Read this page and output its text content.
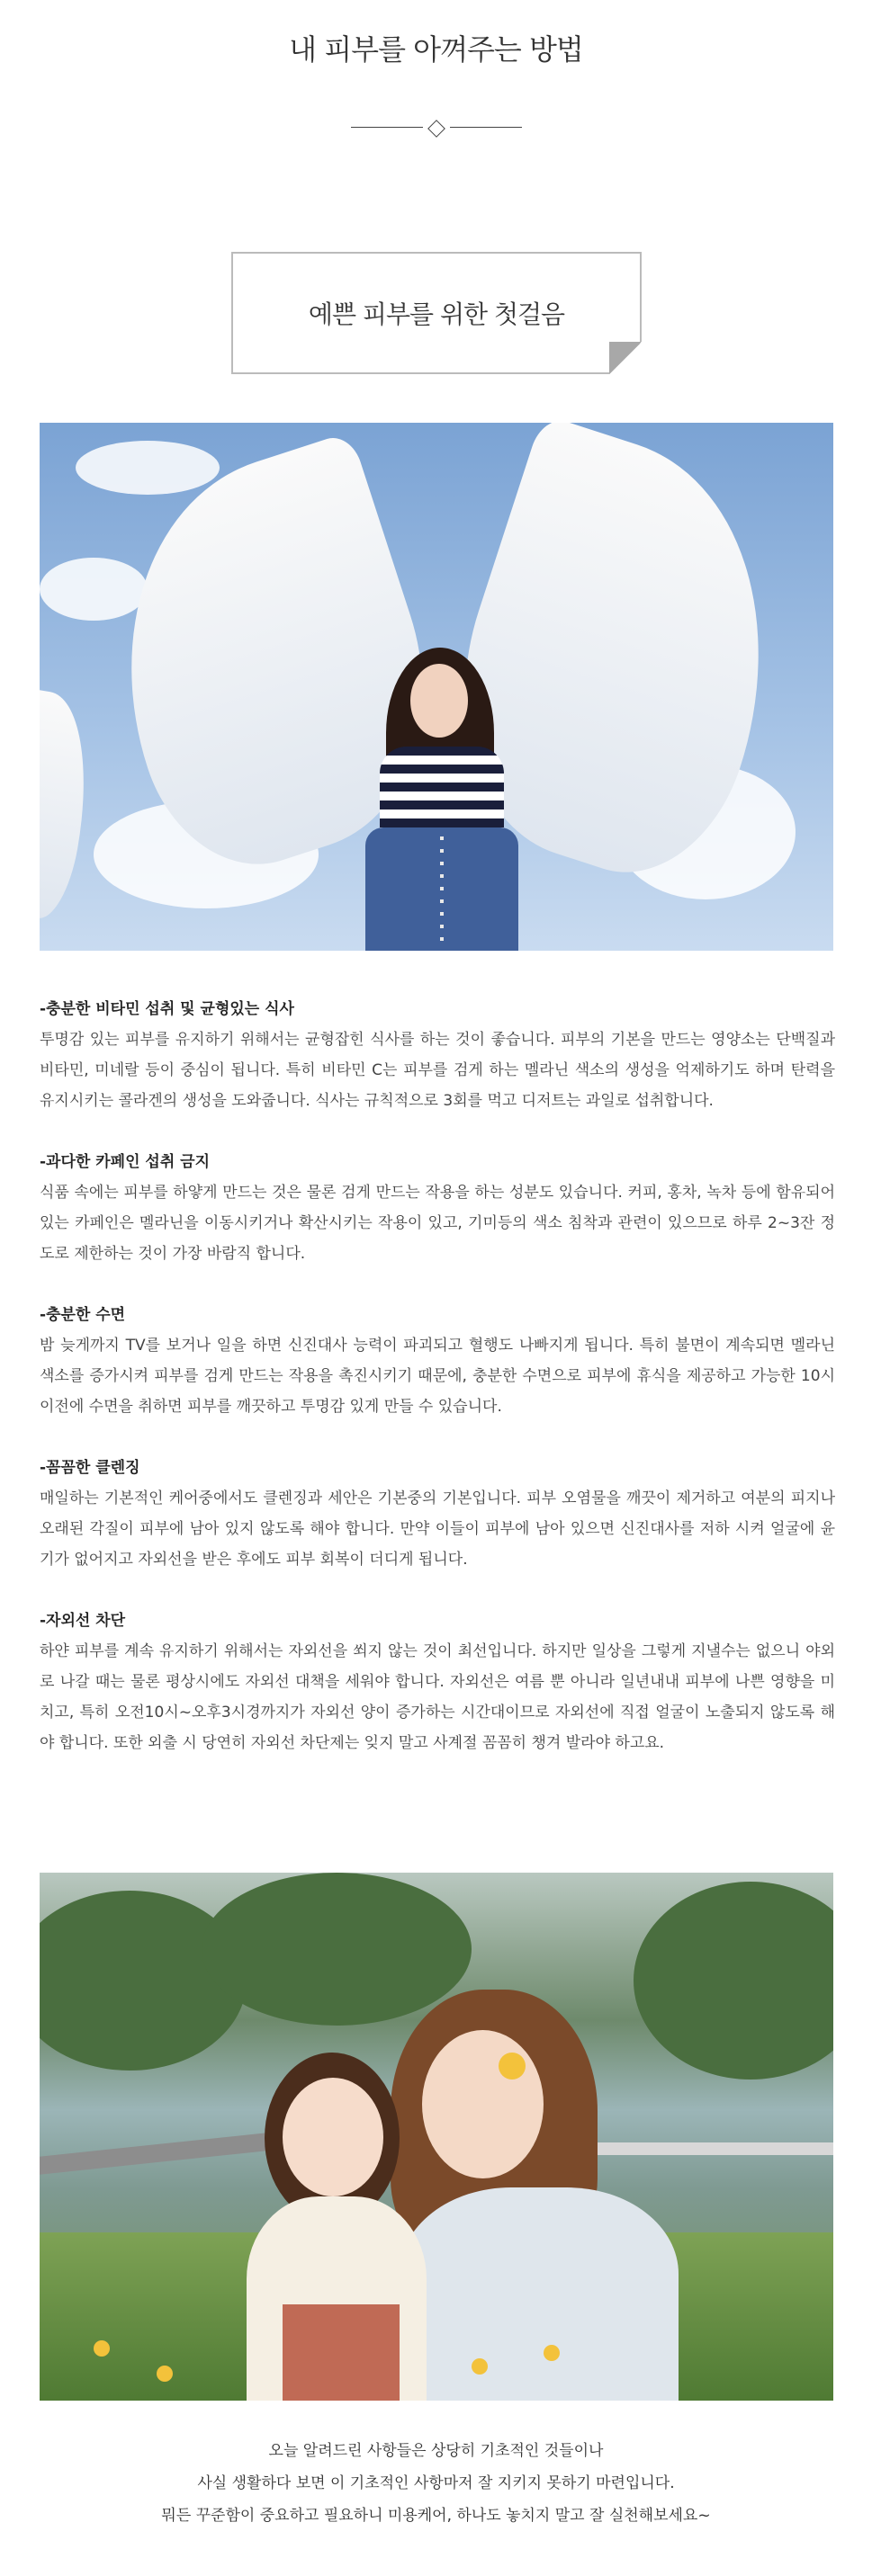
내 피부를 아껴주는 방법
예쁜 피부를 위한 첫걸음
-충분한 비타민 섭취 및 균형있는 식사
투명감 있는 피부를 유지하기 위해서는 균형잡힌 식사를 하는 것이 좋습니다. 피부의 기본을 만드는 영양소는 단백질과 비타민, 미네랄 등이 중심이 됩니다. 특히 비타민 C는 피부를 검게 하는 멜라닌 색소의 생성을 억제하기도 하며 탄력을 유지시키는 콜라겐의 생성을 도와줍니다. 식사는 규칙적으로 3회를 먹고 디저트는 과일로 섭취합니다.
-과다한 카페인 섭취 금지
식품 속에는 피부를 하얗게 만드는 것은 물론 검게 만드는 작용을 하는 성분도 있습니다. 커피, 홍차, 녹차 등에 함유되어 있는 카페인은 멜라닌을 이동시키거나 확산시키는 작용이 있고, 기미등의 색소 침착과 관련이 있으므로 하루 2~3잔 정도로 제한하는 것이 가장 바람직 합니다.
-충분한 수면
밤 늦게까지 TV를 보거나 일을 하면 신진대사 능력이 파괴되고 혈행도 나빠지게 됩니다. 특히 불면이 계속되면 멜라닌 색소를 증가시켜 피부를 검게 만드는 작용을 촉진시키기 때문에, 충분한 수면으로 피부에 휴식을 제공하고 가능한 10시 이전에 수면을 취하면 피부를 깨끗하고 투명감 있게 만들 수 있습니다.
-꼼꼼한 클렌징
매일하는 기본적인 케어중에서도 클렌징과 세안은 기본중의 기본입니다. 피부 오염물을 깨끗이 제거하고 여분의 피지나 오래된 각질이 피부에 남아 있지 않도록 해야 합니다. 만약 이들이 피부에 남아 있으면 신진대사를 저하 시켜 얼굴에 윤기가 없어지고 자외선을 받은 후에도 피부 회복이 더디게 됩니다.
-자외선 차단
하얀 피부를 계속 유지하기 위해서는 자외선을 쐬지 않는 것이 최선입니다. 하지만 일상을 그렇게 지낼수는 없으니 야외로 나갈 때는 물론 평상시에도 자외선 대책을 세워야 합니다. 자외선은 여름 뿐 아니라 일년내내 피부에 나쁜 영향을 미치고, 특히 오전10시~오후3시경까지가 자외선 양이 증가하는 시간대이므로 자외선에 직접 얼굴이 노출되지 않도록 해야 합니다. 또한 외출 시 당연히 자외선 차단제는 잊지 말고 사계절 꼼꼼히 챙겨 발라야 하고요.
오늘 알려드린 사항들은 상당히 기초적인 것들이나
사실 생활하다 보면 이 기초적인 사항마저 잘 지키지 못하기 마련입니다.
뭐든 꾸준함이 중요하고 필요하니 미용케어, 하나도 놓치지 말고 잘 실천해보세요~
